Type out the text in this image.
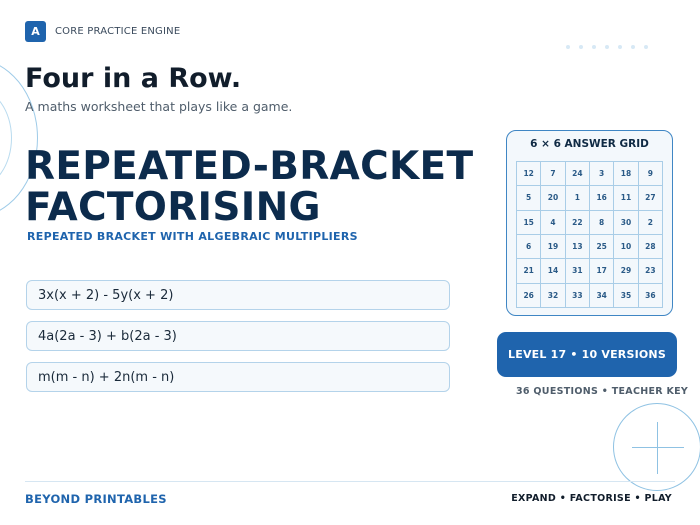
A	CORE PRACTICE ENGINE
Four in a Row.
A maths worksheet that plays like a game.
REPEATED-BRACKET
FACTORISING
REPEATED BRACKET WITH ALGEBRAIC MULTIPLIERS
3x(x + 2) - 5y(x + 2)
4a(2a - 3) + b(2a - 3)
m(m - n) + 2n(m - n)
6 × 6 ANSWER GRID
12	7	24	3	18	9
5	20	1	16	11	27
15	4	22	8	30	2
6	19	13	25	10	28
21	14	31	17	29	23
26	32	33	34	35	36
LEVEL 17 • 10 VERSIONS
36 QUESTIONS • TEACHER KEY
BEYOND PRINTABLES	EXPAND • FACTORISE • PLAY
